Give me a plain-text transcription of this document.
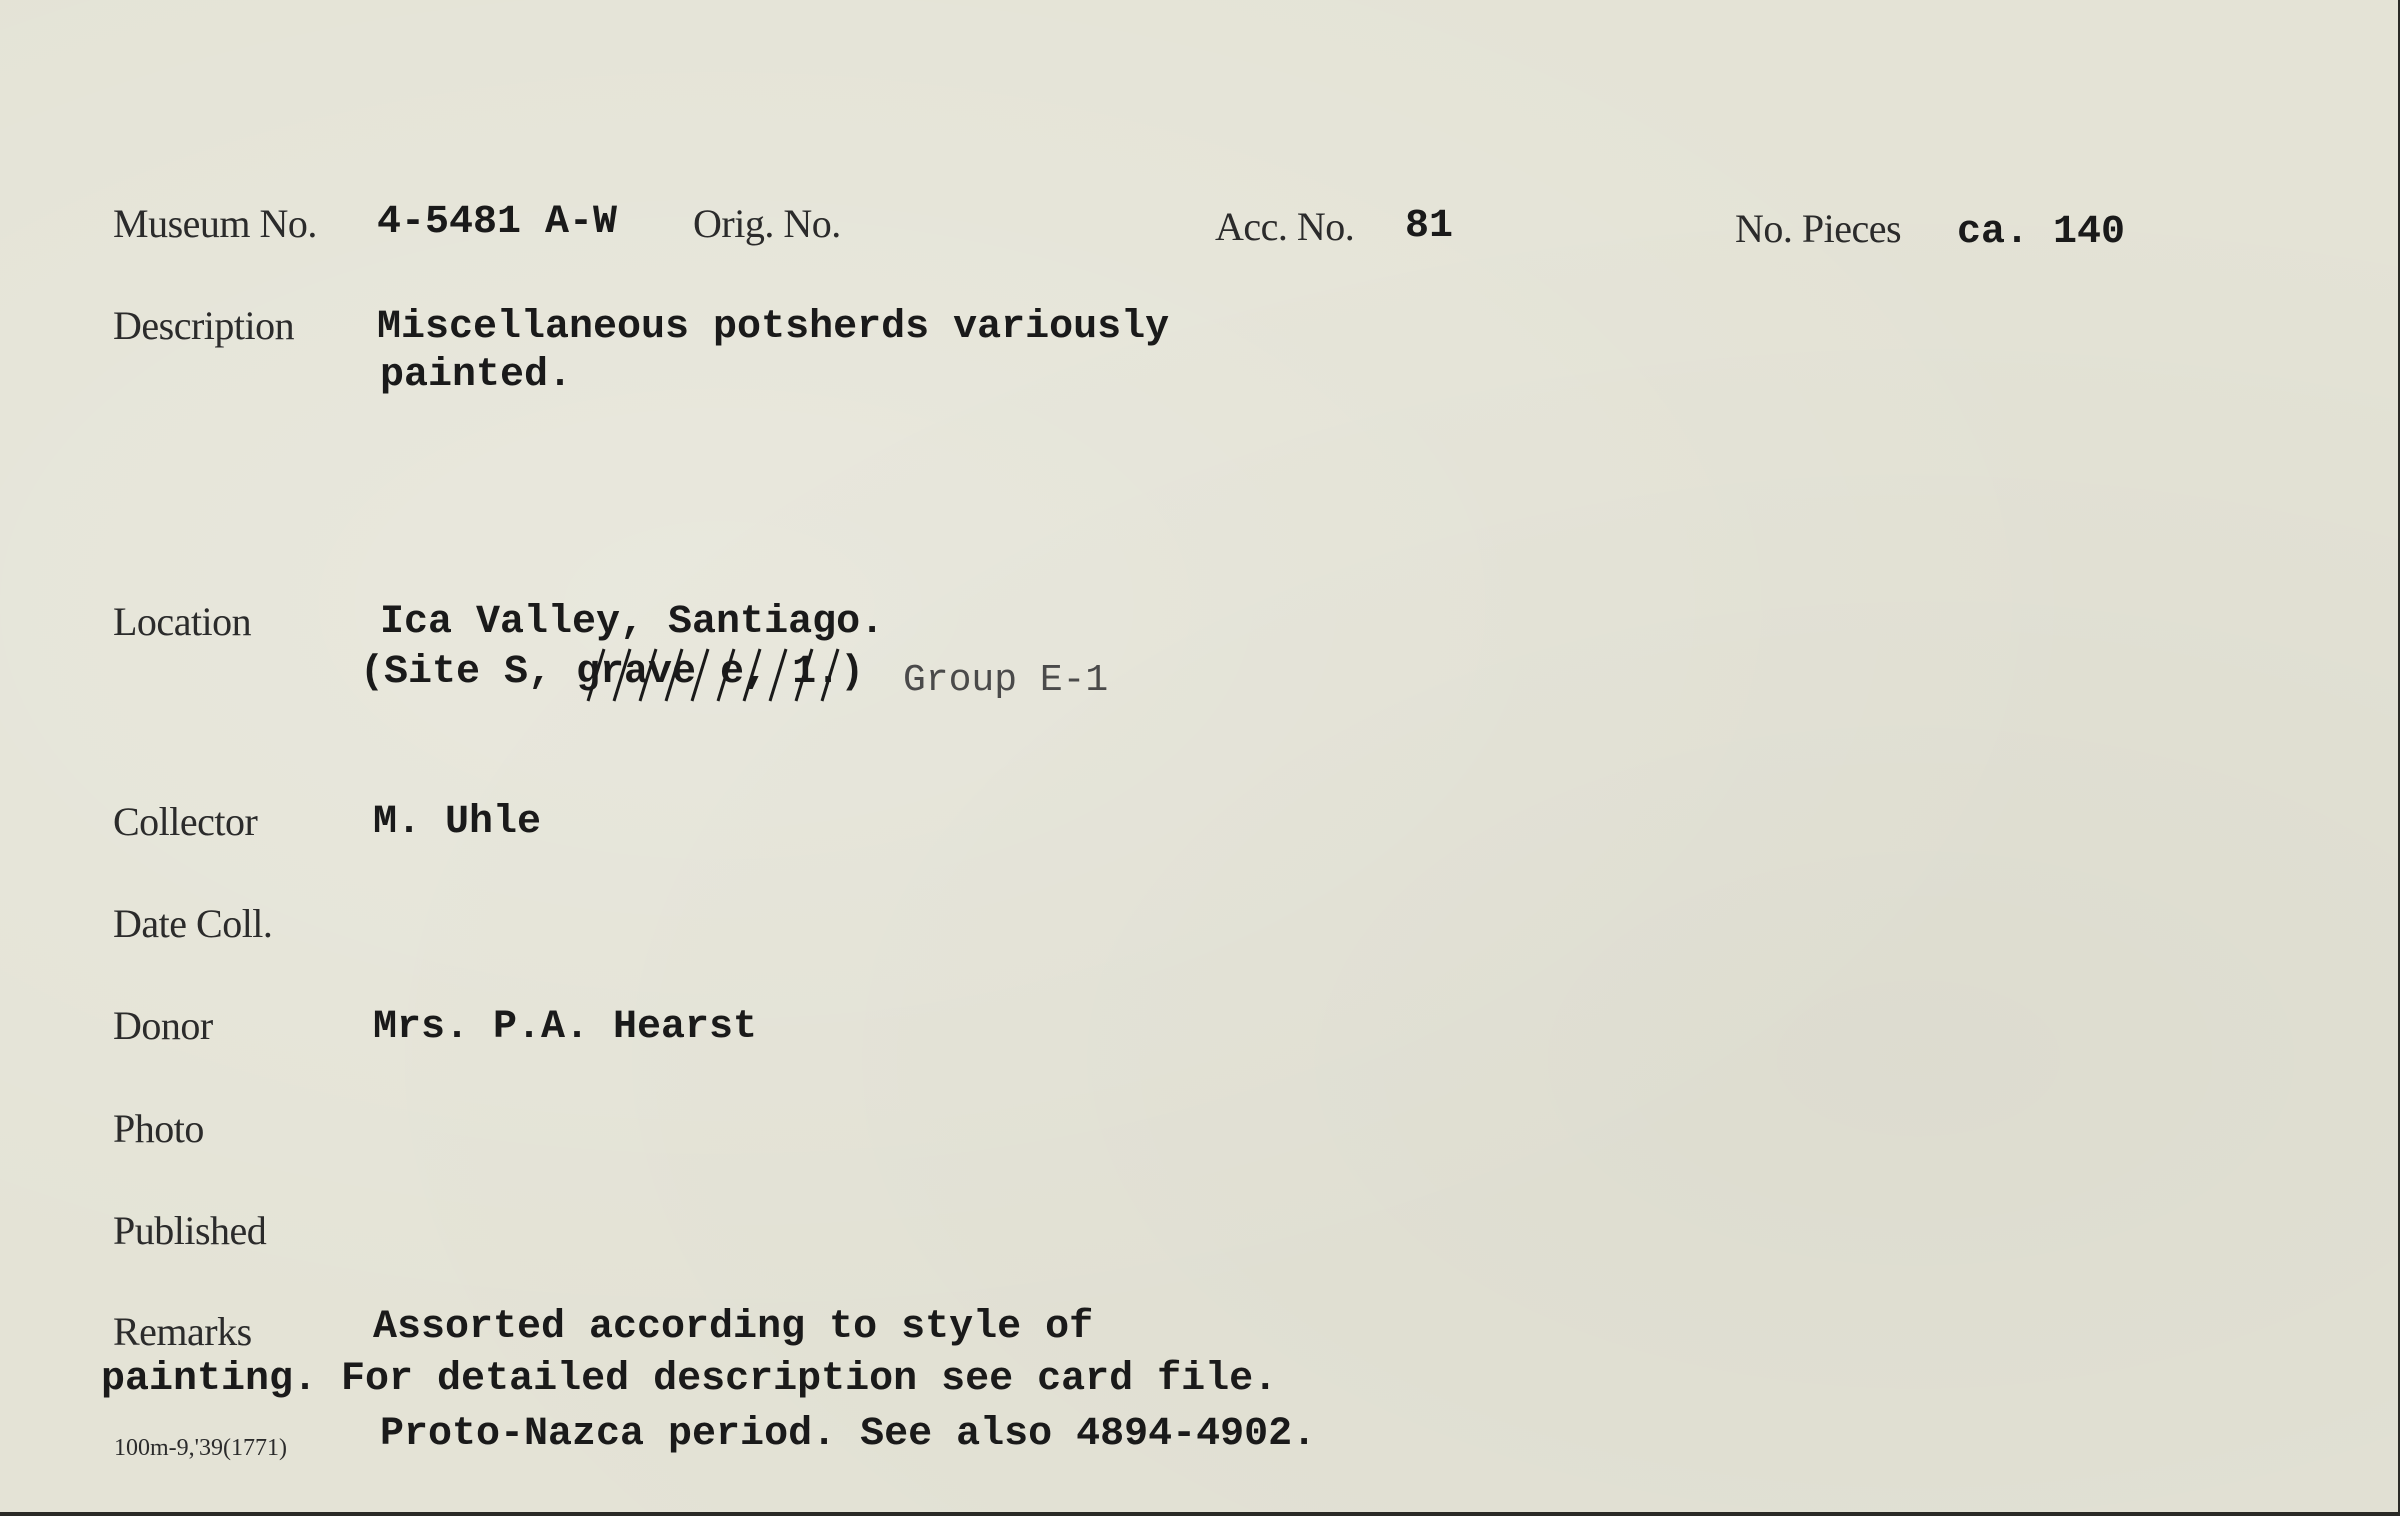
Museum No. 4-5481 A-W Orig. No.	Acc. No. 81	No. Pieces ca. 140
Description Miscellaneous potsherds variously
painted.
Location	Ica Valley, Santiago.
(Site S, grave e, 1.) Group E-1
Collector	M. Uhle
Date Coll.
Donor	Mrs. P.A. Hearst
Photo
Published
Remarks	Assorted according to style of
painting. For detailed description see card file.
100m-9,'39(1771) Proto-Nazca period. See also 4894-4902.
